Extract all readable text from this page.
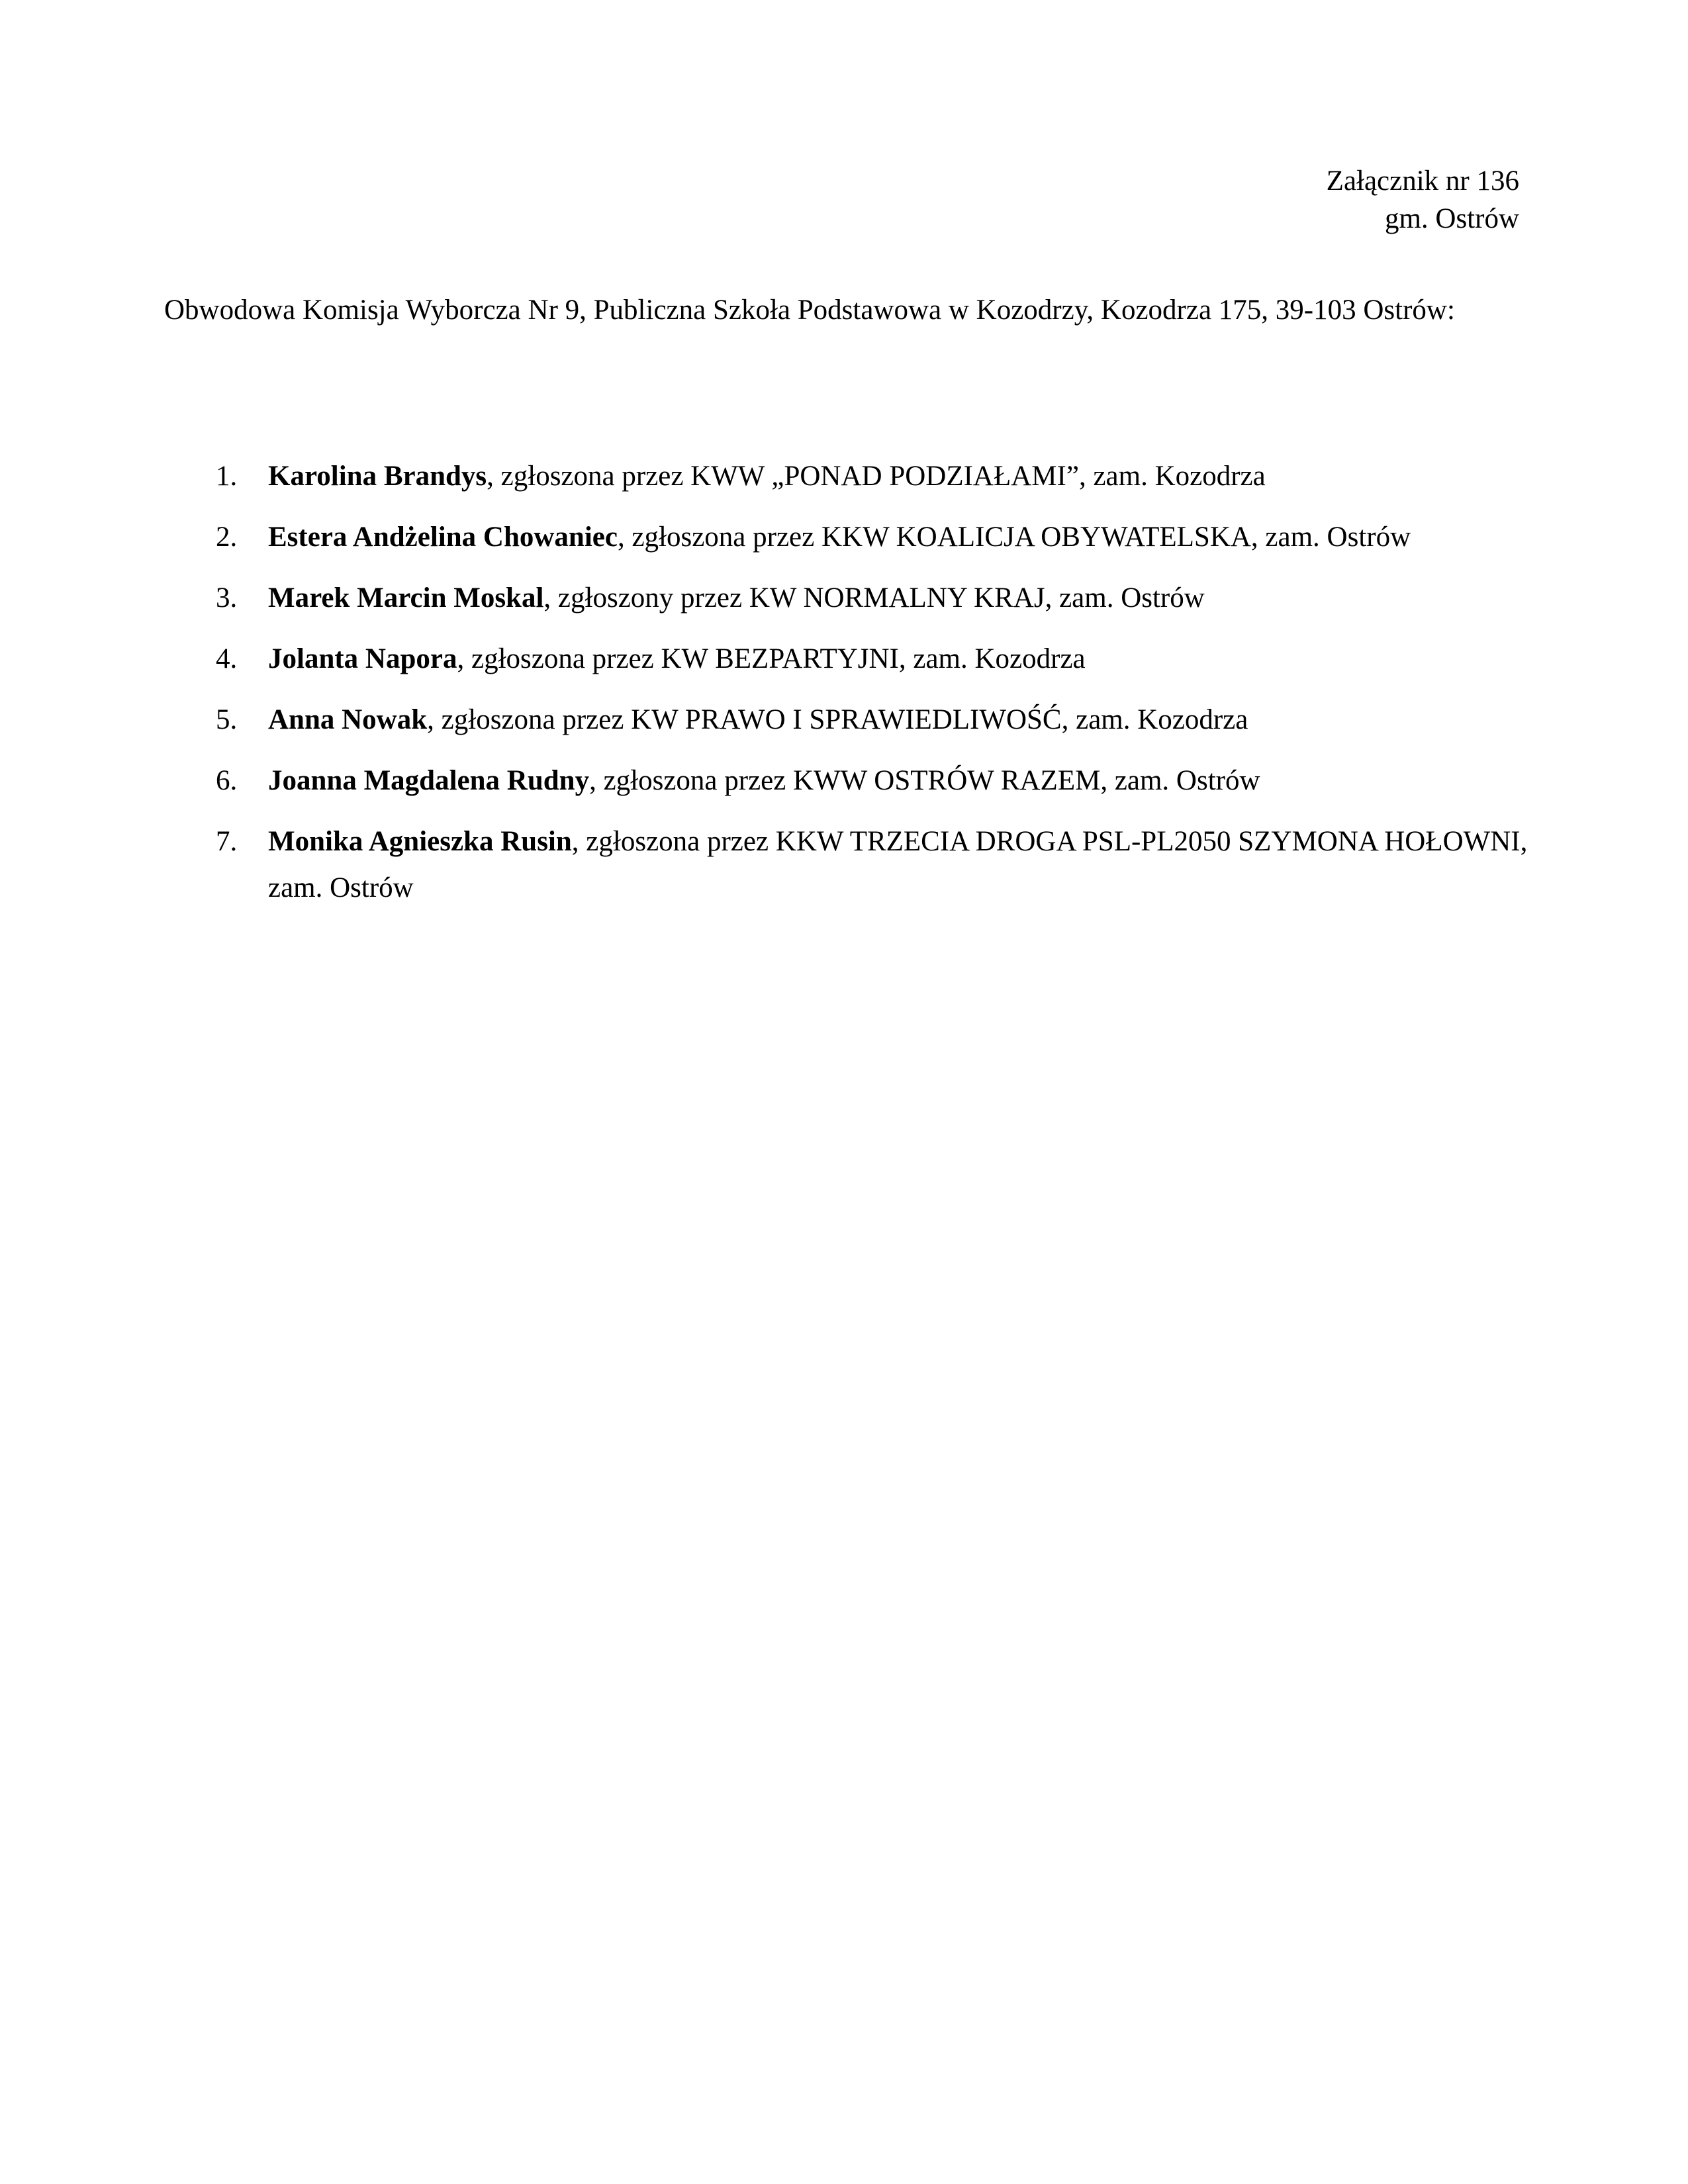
Załącznik nr 136
gm. Ostrów
Obwodowa Komisja Wyborcza Nr 9, Publiczna Szkoła Podstawowa w Kozodrzy, Kozodrza 175, 39-103 Ostrów:
1. Karolina Brandys, zgłoszona przez KWW „PONAD PODZIAŁAMI”, zam. Kozodrza
2. Estera Andżelina Chowaniec, zgłoszona przez KKW KOALICJA OBYWATELSKA, zam. Ostrów
3. Marek Marcin Moskal, zgłoszony przez KW NORMALNY KRAJ, zam. Ostrów
4. Jolanta Napora, zgłoszona przez KW BEZPARTYJNI, zam. Kozodrza
5. Anna Nowak, zgłoszona przez KW PRAWO I SPRAWIEDLIWOŚĆ, zam. Kozodrza
6. Joanna Magdalena Rudny, zgłoszona przez KWW OSTRÓW RAZEM, zam. Ostrów
7. Monika Agnieszka Rusin, zgłoszona przez KKW TRZECIA DROGA PSL-PL2050 SZYMONA HOŁOWNI, zam. Ostrów
